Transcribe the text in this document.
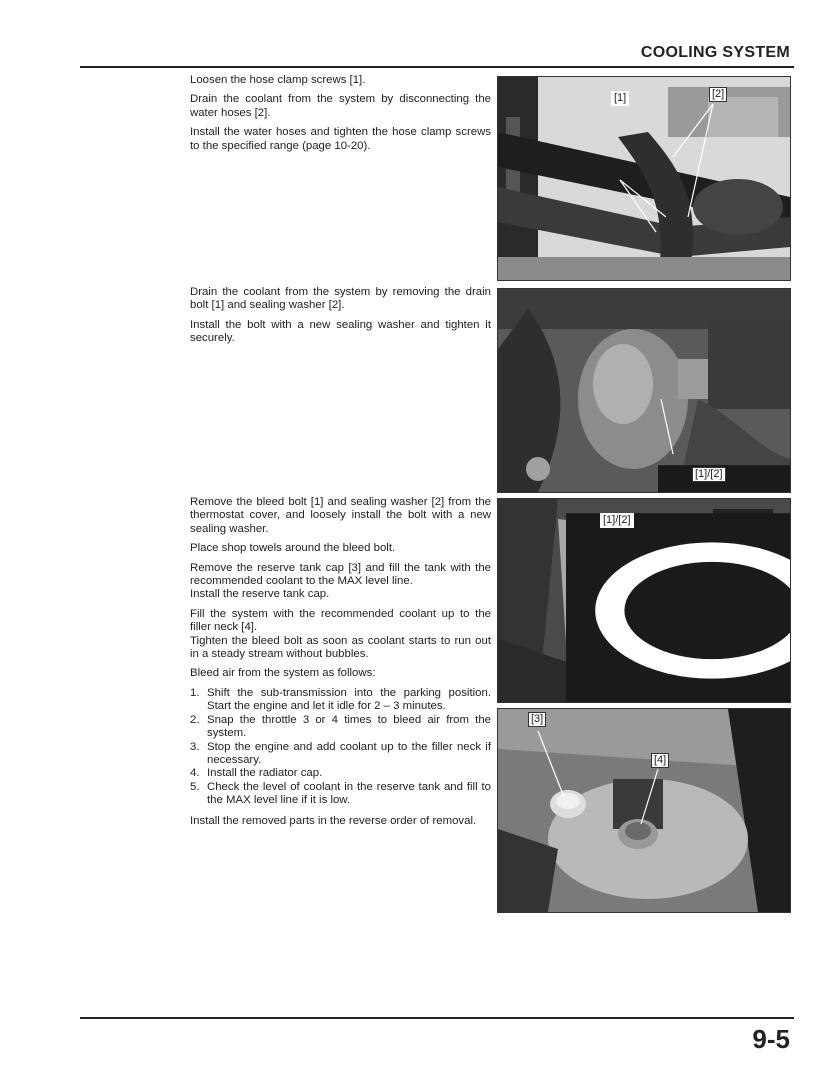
COOLING SYSTEM

Loosen the hose clamp screws [1].

Drain the coolant from the system by disconnecting the water hoses [2].

Install the water hoses and tighten the hose clamp screws to the specified range (page 10-20).

[1]	[2]

Drain the coolant from the system by removing the drain bolt [1] and sealing washer [2].

Install the bolt with a new sealing washer and tighten it securely.

[1]/[2]

Remove the bleed bolt [1] and sealing washer [2] from the thermostat cover, and loosely install the bolt with a new sealing washer.

Place shop towels around the bleed bolt.

Remove the reserve tank cap [3] and fill the tank with the recommended coolant to the MAX level line.

Install the reserve tank cap.

Fill the system with the recommended coolant up to the filler neck [4].

Tighten the bleed bolt as soon as coolant starts to run out in a steady stream without bubbles.

Bleed air from the system as follows:

1. Shift the sub-transmission into the parking position. Start the engine and let it idle for 2 – 3 minutes.
2. Snap the throttle 3 or 4 times to bleed air from the system.
3. Stop the engine and add coolant up to the filler neck if necessary.
4. Install the radiator cap.
5. Check the level of coolant in the reserve tank and fill to the MAX level line if it is low.

Install the removed parts in the reverse order of removal.

[1]/[2]
[3]
[4]
9-5
